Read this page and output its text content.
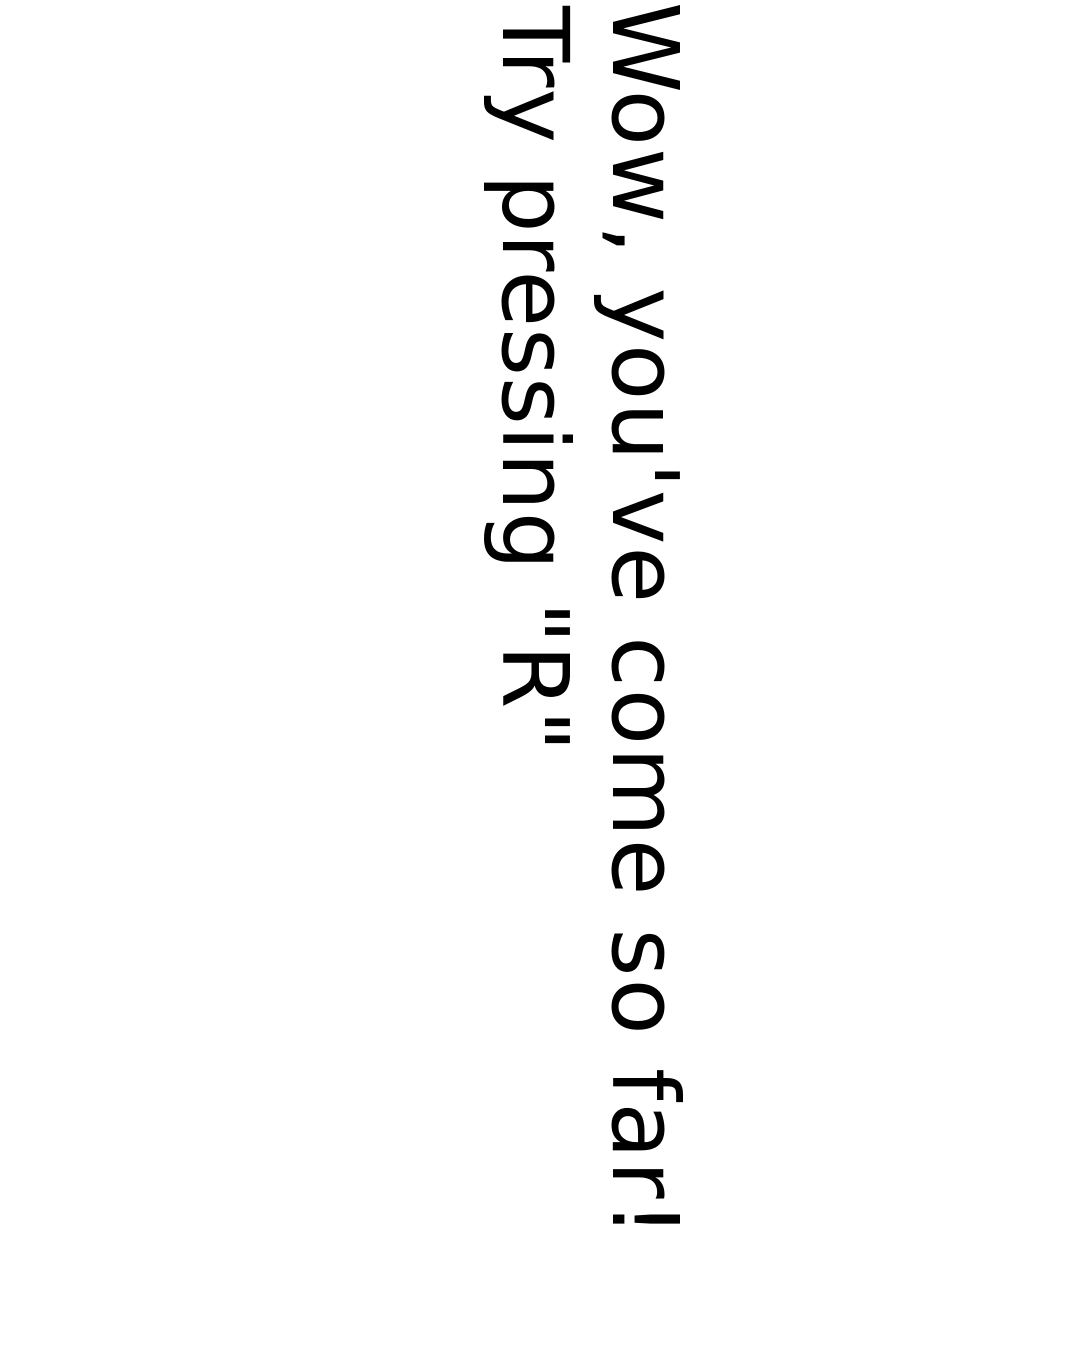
Wow, you've come so far!
Try pressing "R"
